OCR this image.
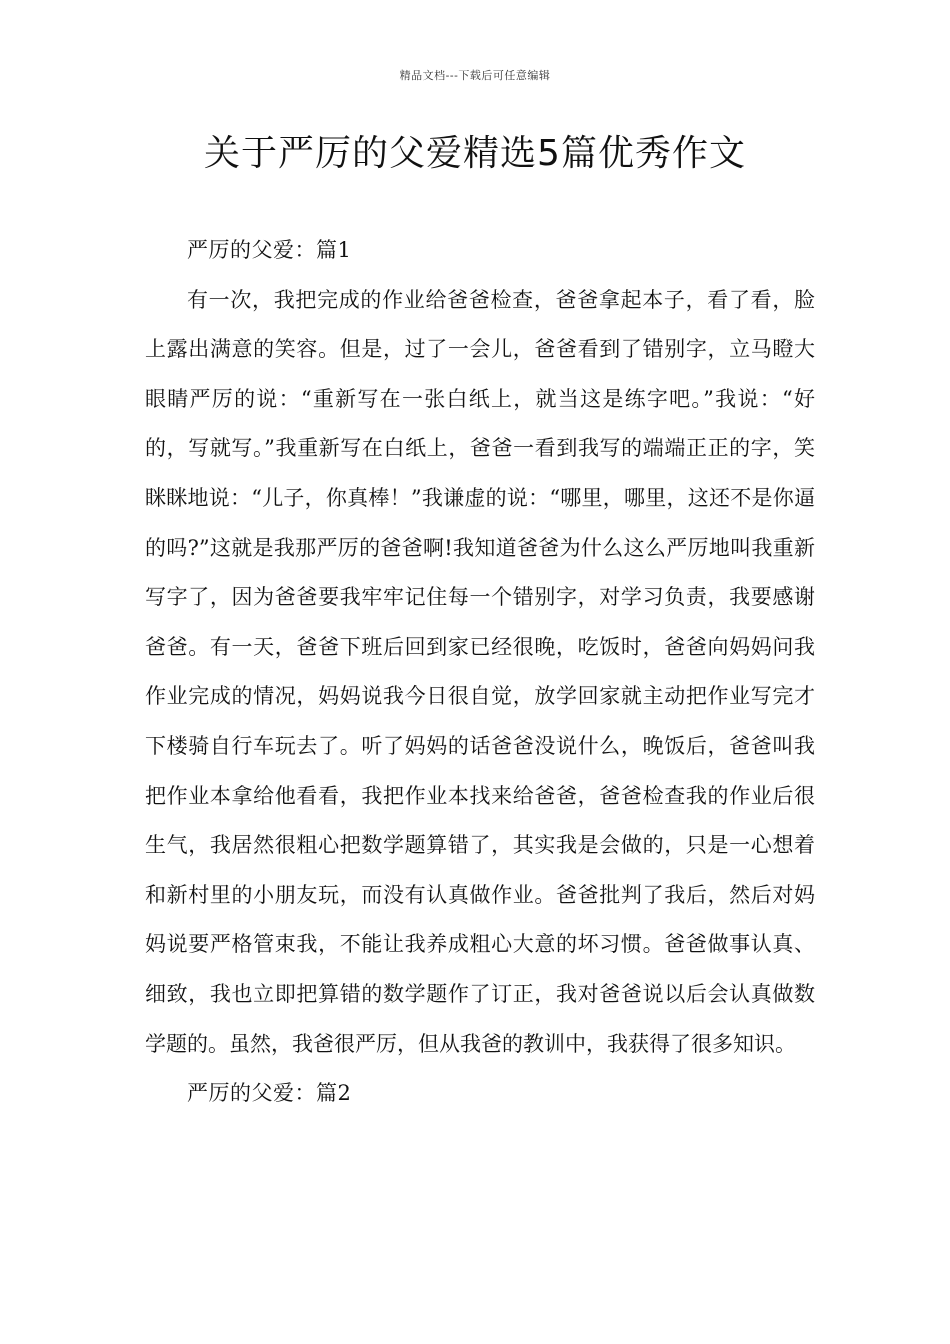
精品文档---下载后可任意编辑
关于严厉的父爱精选5篇优秀作文

严厉的父爱：篇1

有一次，我把完成的作业给爸爸检查，爸爸拿起本子，看了看，脸上露出满意的笑容。但是，过了一会儿，爸爸看到了错别字，立马瞪大眼睛严厉的说：“重新写在一张白纸上，就当这是练字吧。”我说：“好的，写就写。”我重新写在白纸上，爸爸一看到我写的端端正正的字，笑眯眯地说：“儿子，你真棒！”我谦虚的说：“哪里，哪里，这还不是你逼的吗?”这就是我那严厉的爸爸啊!我知道爸爸为什么这么严厉地叫我重新写字了，因为爸爸要我牢牢记住每一个错别字，对学习负责，我要感谢爸爸。有一天，爸爸下班后回到家已经很晚，吃饭时，爸爸向妈妈问我作业完成的情况，妈妈说我今日很自觉，放学回家就主动把作业写完才下楼骑自行车玩去了。听了妈妈的话爸爸没说什么，晚饭后，爸爸叫我把作业本拿给他看看，我把作业本找来给爸爸，爸爸检查我的作业后很生气，我居然很粗心把数学题算错了，其实我是会做的，只是一心想着和新村里的小朋友玩，而没有认真做作业。爸爸批判了我后，然后对妈妈说要严格管束我，不能让我养成粗心大意的坏习惯。爸爸做事认真、细致，我也立即把算错的数学题作了订正，我对爸爸说以后会认真做数学题的。虽然，我爸很严厉，但从我爸的教训中，我获得了很多知识。

严厉的父爱：篇2
